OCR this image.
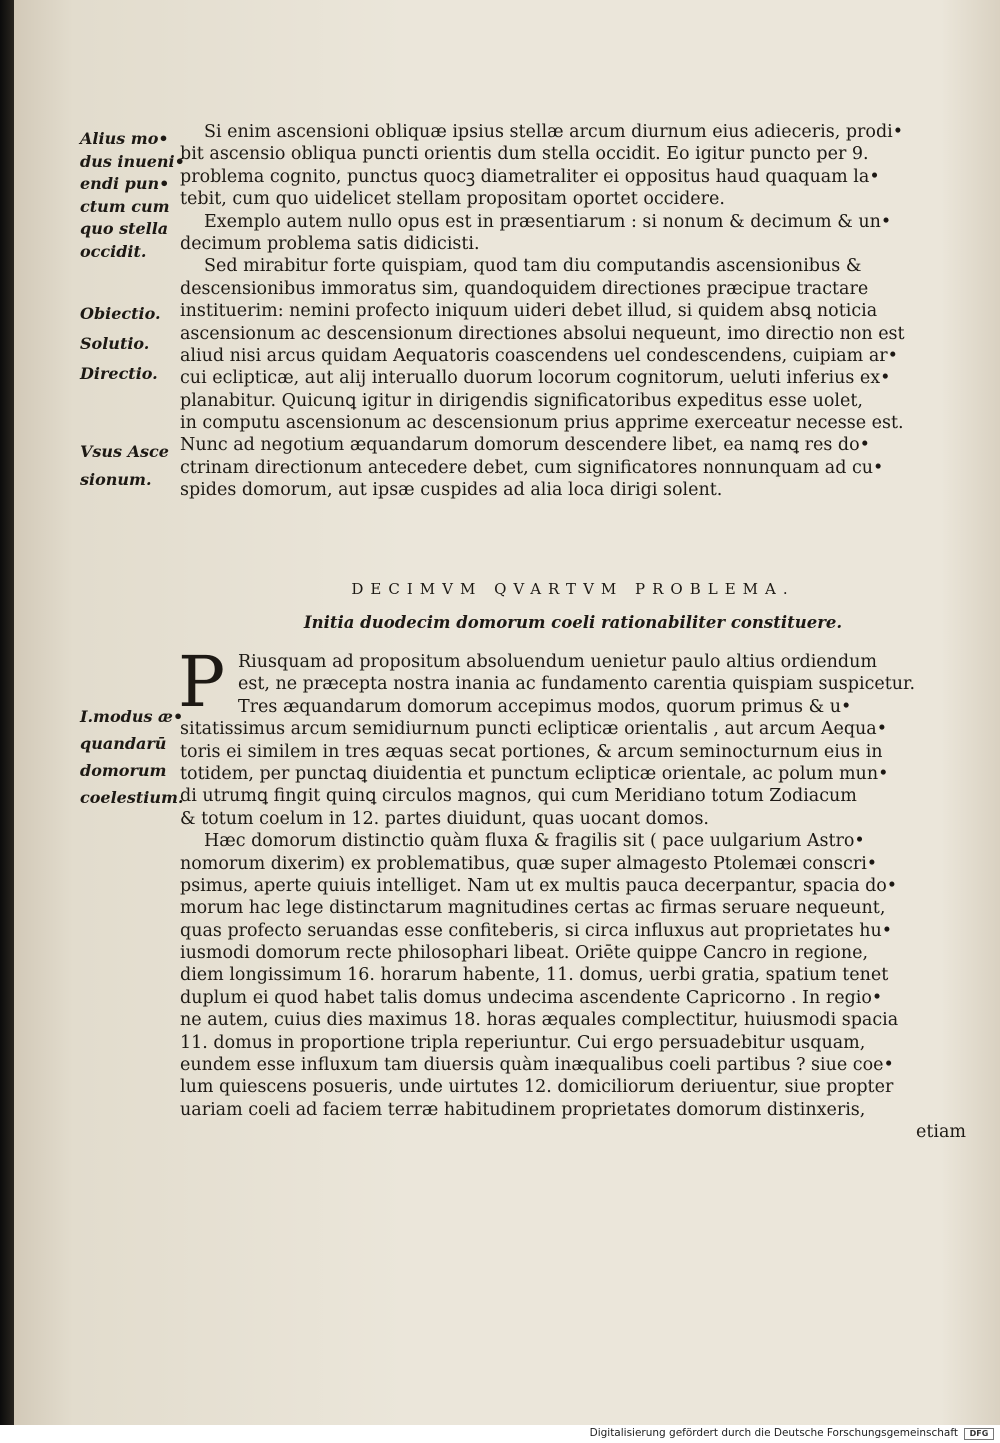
Alius mo•
dus inueni•
endi pun•
ctum cum
quo stella
occidit.
Obiectio.
Solutio.
Directio.
Vsus Asce
sionum.
I.modus æ•
quandarū
domorum
coelestium.
Si enim ascensioni obliquæ ipsius stellæ arcum diurnum eius adieceris, prodi•
bit ascensio obliqua puncti orientis dum stella occidit. Eo igitur puncto per 9.
problema cognito, punctus quocꝫ diametraliter ei oppositus haud quaquam la•
tebit, cum quo uidelicet stellam propositam oportet occidere.
Exemplo autem nullo opus est in præsentiarum : si nonum & decimum & un•
decimum problema satis didicisti.
Sed mirabitur forte quispiam, quod tam diu computandis ascensionibus &
descensionibus immoratus sim, quandoquidem directiones præcipue tractare
instituerim: nemini profecto iniquum uideri debet illud, si quidem absꝗ noticia
ascensionum ac descensionum directiones absolui nequeunt, imo directio non est
aliud nisi arcus quidam Aequatoris coascendens uel condescendens, cuipiam ar•
cui eclipticæ, aut alij interuallo duorum locorum cognitorum, ueluti inferius ex•
planabitur. Quicunꝗ igitur in dirigendis significatoribus expeditus esse uolet,
in computu ascensionum ac descensionum prius apprime exerceatur necesse est.
Nunc ad negotium æquandarum domorum descendere libet, ea namꝗ res do•
ctrinam directionum antecedere debet, cum significatores nonnunquam ad cu•
spides domorum, aut ipsæ cuspides ad alia loca dirigi solent.
DECIMVM QVARTVM PROBLEMA.
Initia duodecim domorum coeli rationabiliter constituere.
P Riusquam ad propositum absoluendum uenietur paulo altius ordiendum
est, ne præcepta nostra inania ac fundamento carentia quispiam suspicetur.
Tres æquandarum domorum accepimus modos, quorum primus & u•
sitatissimus arcum semidiurnum puncti eclipticæ orientalis , aut arcum Aequa•
toris ei similem in tres æquas secat portiones, & arcum seminocturnum eius in
totidem, per punctaꝗ diuidentia et punctum eclipticæ orientale, ac polum mun•
di utrumꝗ fingit quinꝗ circulos magnos, qui cum Meridiano totum Zodiacum
& totum coelum in 12. partes diuidunt, quas uocant domos.
Hæc domorum distinctio quàm fluxa & fragilis sit ( pace uulgarium Astro•
nomorum dixerim) ex problematibus, quæ super almagesto Ptolemæi conscri•
psimus, aperte quiuis intelliget. Nam ut ex multis pauca decerpantur, spacia do•
morum hac lege distinctarum magnitudines certas ac firmas seruare nequeunt,
quas profecto seruandas esse confiteberis, si circa influxus aut proprietates hu•
iusmodi domorum recte philosophari libeat. Oriēte quippe Cancro in regione,
diem longissimum 16. horarum habente, 11. domus, uerbi gratia, spatium tenet
duplum ei quod habet talis domus undecima ascendente Capricorno . In regio•
ne autem, cuius dies maximus 18. horas æquales complectitur, huiusmodi spacia
11. domus in proportione tripla reperiuntur. Cui ergo persuadebitur usquam,
eundem esse influxum tam diuersis quàm inæqualibus coeli partibus ? siue coe•
lum quiescens posueris, unde uirtutes 12. domiciliorum deriuentur, siue propter
uariam coeli ad faciem terræ habitudinem proprietates domorum distinxeris,
etiam
Digitalisierung gefördert durch die Deutsche Forschungsgemeinschaft	DFG
